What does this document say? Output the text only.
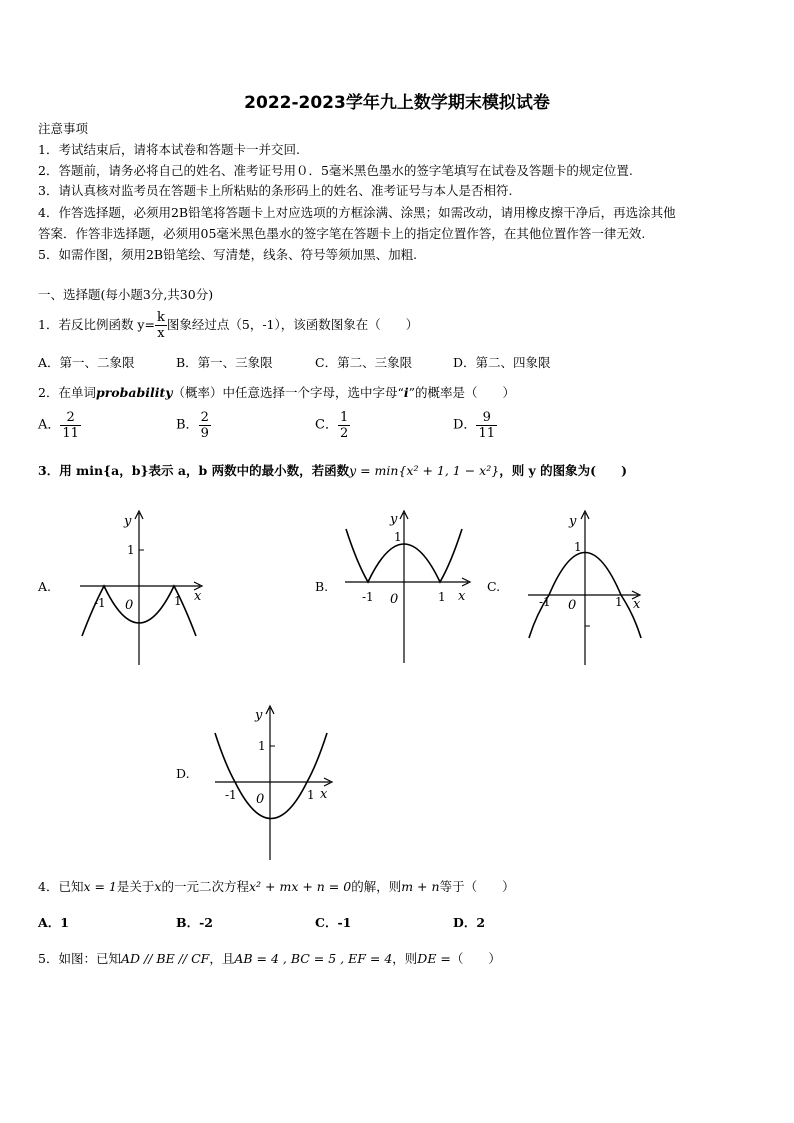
2022-2023学年九上数学期末模拟试卷
注意事项
1．考试结束后，请将本试卷和答题卡一并交回.
2．答题前，请务必将自己的姓名、准考证号用０．5毫米黑色墨水的签字笔填写在试卷及答题卡的规定位置.
3．请认真核对监考员在答题卡上所粘贴的条形码上的姓名、准考证号与本人是否相符.
4．作答选择题，必须用2B铅笔将答题卡上对应选项的方框涂满、涂黑；如需改动，请用橡皮擦干净后，再选涂其他
答案．作答非选择题，必须用05毫米黑色墨水的签字笔在答题卡上的指定位置作答，在其他位置作答一律无效.
5．如需作图，须用2B铅笔绘、写清楚，线条、符号等须加黑、加粗.
一、选择题(每小题3分,共30分)
1．若反比例函数 $y= \frac{k}{x}$ 图象经过点（5，-1），该函数图象在（　　）
A．第一、二象限	B．第一、三象限	C．第二、三象限	D．第二、四象限
2．在单词probability（概率）中任意选择一个字母，选中字母“i”的概率是（　　）
A． $\frac{2}{11}$	B． $\frac{2}{9}$	C． $\frac{1}{2}$	D． $\frac{9}{11}$
3．用 min{a，b}表示 a，b 两数中的最小数，若函数y = min{x² + 1, 1 − x²}，则 y 的图象为(　　)
A.	B.	C.
D.
y
1
-1 0	1 x
y
1
-1 0	1 x
y
1
-1 0	1 x
y
1
-1 0	1 x
4．已知x = 1是关于x的一元二次方程x² + mx + n = 0的解，则m + n等于（　　）
A．1	B．-2	C．-1	D．2
5．如图：已知AD // BE // CF，且AB = 4 , BC = 5 , EF = 4，则DE =（　　）
